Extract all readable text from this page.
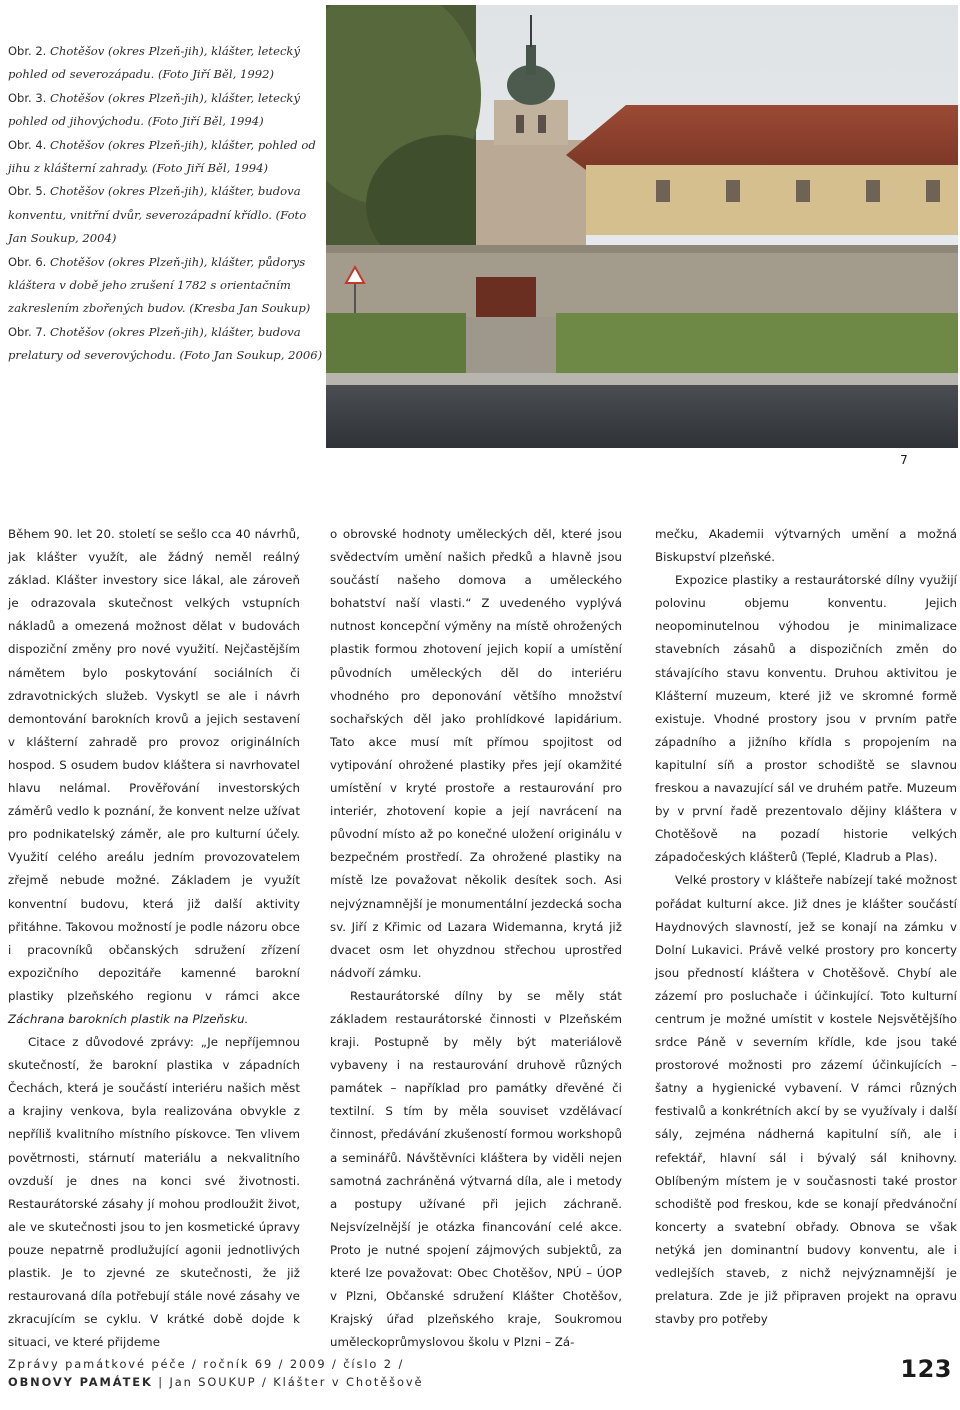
Obr. 2. Chotěšov (okres Plzeň-jih), klášter, letecký pohled od severozápadu. (Foto Jiří Běl, 1992)

Obr. 3. Chotěšov (okres Plzeň-jih), klášter, letecký pohled od jihovýchodu. (Foto Jiří Běl, 1994)

Obr. 4. Chotěšov (okres Plzeň-jih), klášter, pohled od jihu z klášterní zahrady. (Foto Jiří Běl, 1994)

Obr. 5. Chotěšov (okres Plzeň-jih), klášter, budova konventu, vnitřní dvůr, severozápadní křídlo. (Foto Jan Soukup, 2004)

Obr. 6. Chotěšov (okres Plzeň-jih), klášter, půdorys kláštera v době jeho zrušení 1782 s orientačním zakreslením zbořených budov. (Kresba Jan Soukup)

Obr. 7. Chotěšov (okres Plzeň-jih), klášter, budova prelatury od severovýchodu. (Foto Jan Soukup, 2006)

7

Během 90. let 20. století se sešlo cca 40 návrhů, jak klášter využít, ale žádný neměl reálný základ. Klášter investory sice lákal, ale zároveň je odrazovala skutečnost velkých vstupních nákladů a omezená možnost dělat v budovách dispoziční změny pro nové využití. Nejčastějším námětem bylo poskytování sociálních či zdravotnických služeb. Vyskytl se ale i návrh demontování barokních krovů a jejich sestavení v klášterní zahradě pro provoz originálních hospod. S osudem budov kláštera si navrhovatel hlavu nelámal. Prověřování investorských záměrů vedlo k poznání, že konvent nelze užívat pro podnikatelský záměr, ale pro kulturní účely. Využití celého areálu jedním provozovatelem zřejmě nebude možné. Základem je využít konventní budovu, která již další aktivity přitáhne. Takovou možností je podle názoru obce i pracovníků občanských sdružení zřízení expozičního depozitáře kamenné barokní plastiky plzeňského regionu v rámci akce Záchrana barokních plastik na Plzeňsku.

Citace z důvodové zprávy: „Je nepříjemnou skutečností, že barokní plastika v západních Čechách, která je součástí interiéru našich měst a krajiny venkova, byla realizována obvykle z nepříliš kvalitního místního pískovce. Ten vlivem povětrnosti, stárnutí materiálu a nekvalitního ovzduší je dnes na konci své životnosti. Restaurátorské zásahy jí mohou prodloužit život, ale ve skutečnosti jsou to jen kosmetické úpravy pouze nepatrně prodlužující agonii jednotlivých plastik. Je to zjevné ze skutečnosti, že již restaurovaná díla potřebují stále nové zásahy ve zkracujícím se cyklu. V krátké době dojde k situaci, ve které přijdeme

o obrovské hodnoty uměleckých děl, které jsou svědectvím umění našich předků a hlavně jsou součástí našeho domova a uměleckého bohatství naší vlasti.“ Z uvedeného vyplývá nutnost koncepční výměny na místě ohrožených plastik formou zhotovení jejich kopií a umístění původních uměleckých děl do interiéru vhodného pro deponování většího množství sochařských děl jako prohlídkové lapidárium. Tato akce musí mít přímou spojitost od vytipování ohrožené plastiky přes její okamžité umístění v kryté prostoře a restaurování pro interiér, zhotovení kopie a její navrácení na původní místo až po konečné uložení originálu v bezpečném prostředí. Za ohrožené plastiky na místě lze považovat několik desítek soch. Asi nejvýznamnější je monumentální jezdecká socha sv. Jiří z Křimic od Lazara Widemanna, krytá již dvacet osm let ohyzdnou střechou uprostřed nádvoří zámku.

Restaurátorské dílny by se měly stát základem restaurátorské činnosti v Plzeňském kraji. Postupně by měly být materiálově vybaveny i na restaurování druhově různých památek – například pro památky dřevěné či textilní. S tím by měla souviset vzdělávací činnost, předávání zkušeností formou workshopů a seminářů. Návštěvníci kláštera by viděli nejen samotná zachráněná výtvarná díla, ale i metody a postupy užívané při jejich záchraně. Nejsvízelnější je otázka financování celé akce. Proto je nutné spojení zájmových subjektů, za které lze považovat: Obec Chotěšov, NPÚ – ÚOP v Plzni, Občanské sdružení Klášter Chotěšov, Krajský úřad plzeňského kraje, Soukromou uměleckoprůmyslovou školu v Plzni – Zá-

mečku, Akademii výtvarných umění a možná Biskupství plzeňské.

Expozice plastiky a restaurátorské dílny využijí polovinu objemu konventu. Jejich neopominutelnou výhodou je minimalizace stavebních zásahů a dispozičních změn do stávajícího stavu konventu. Druhou aktivitou je Klášterní muzeum, které již ve skromné formě existuje. Vhodné prostory jsou v prvním patře západního a jižního křídla s propojením na kapitulní síň a prostor schodiště se slavnou freskou a navazující sál ve druhém patře. Muzeum by v první řadě prezentovalo dějiny kláštera v Chotěšově na pozadí historie velkých západočeských klášterů (Teplé, Kladrub a Plas).

Velké prostory v klášteře nabízejí také možnost pořádat kulturní akce. Již dnes je klášter součástí Haydnových slavností, jež se konají na zámku v Dolní Lukavici. Právě velké prostory pro koncerty jsou předností kláštera v Chotěšově. Chybí ale zázemí pro posluchače i účinkující. Toto kulturní centrum je možné umístit v kostele Nejsvětějšího srdce Páně v severním křídle, kde jsou také prostorové možnosti pro zázemí účinkujících – šatny a hygienické vybavení. V rámci různých festivalů a konkrétních akcí by se využívaly i další sály, zejména nádherná kapitulní síň, ale i refektář, hlavní sál i bývalý sál knihovny. Oblíbeným místem je v současnosti také prostor schodiště pod freskou, kde se konají předvánoční koncerty a svatební obřady. Obnova se však netýká jen dominantní budovy konventu, ale i vedlejších staveb, z nichž nejvýznamnější je prelatura. Zde je již připraven projekt na opravu stavby pro potřeby

Zprávy památkové péče / ročník 69 / 2009 / číslo 2 /
OBNOVY PAMÁTEK | Jan SOUKUP / Klášter v Chotěšově	123
